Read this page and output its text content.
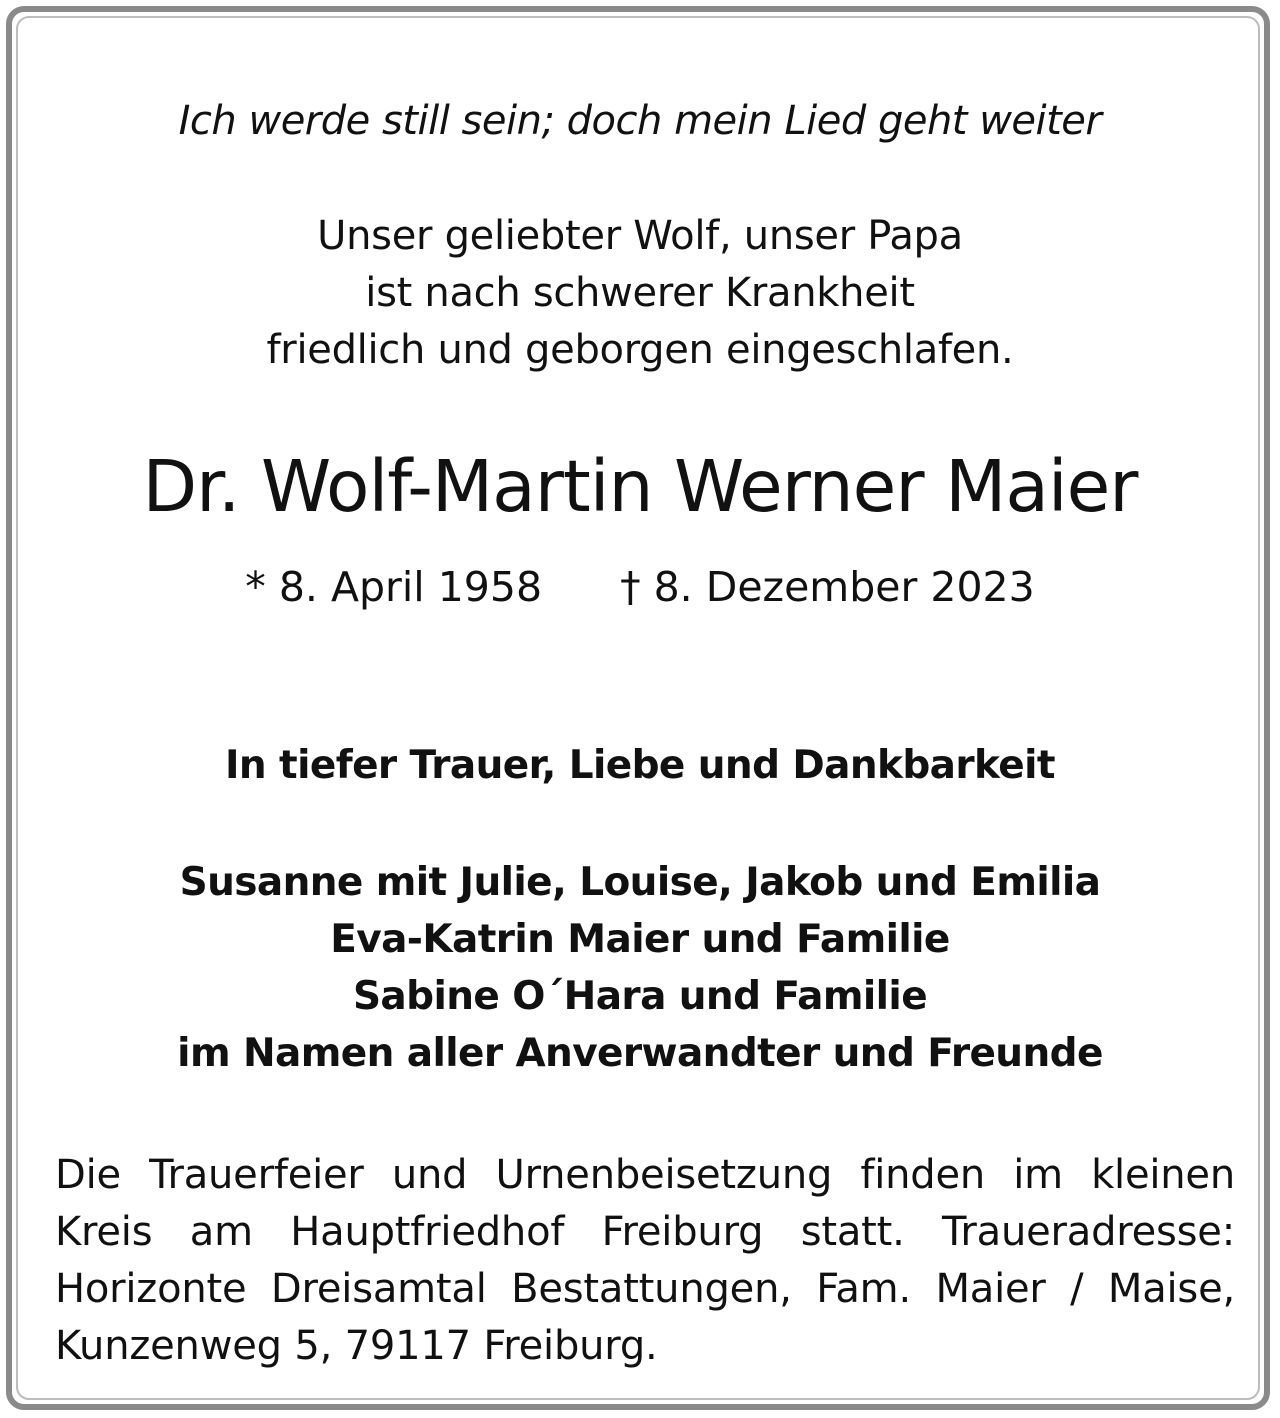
Ich werde still sein; doch mein Lied geht weiter
Unser geliebter Wolf, unser Papa
ist nach schwerer Krankheit
friedlich und geborgen eingeschlafen.
Dr. Wolf-Martin Werner Maier
* 8. April 1958 † 8. Dezember 2023
In tiefer Trauer, Liebe und Dankbarkeit
Susanne mit Julie, Louise, Jakob und Emilia
Eva-Katrin Maier und Familie
Sabine O´Hara und Familie
im Namen aller Anverwandter und Freunde
Die Trauerfeier und Urnenbeisetzung finden im kleinen
Kreis am Hauptfriedhof Freiburg statt. Traueradresse:
Horizonte Dreisamtal Bestattungen, Fam. Maier / Maise,
Kunzenweg 5, 79117 Freiburg.
